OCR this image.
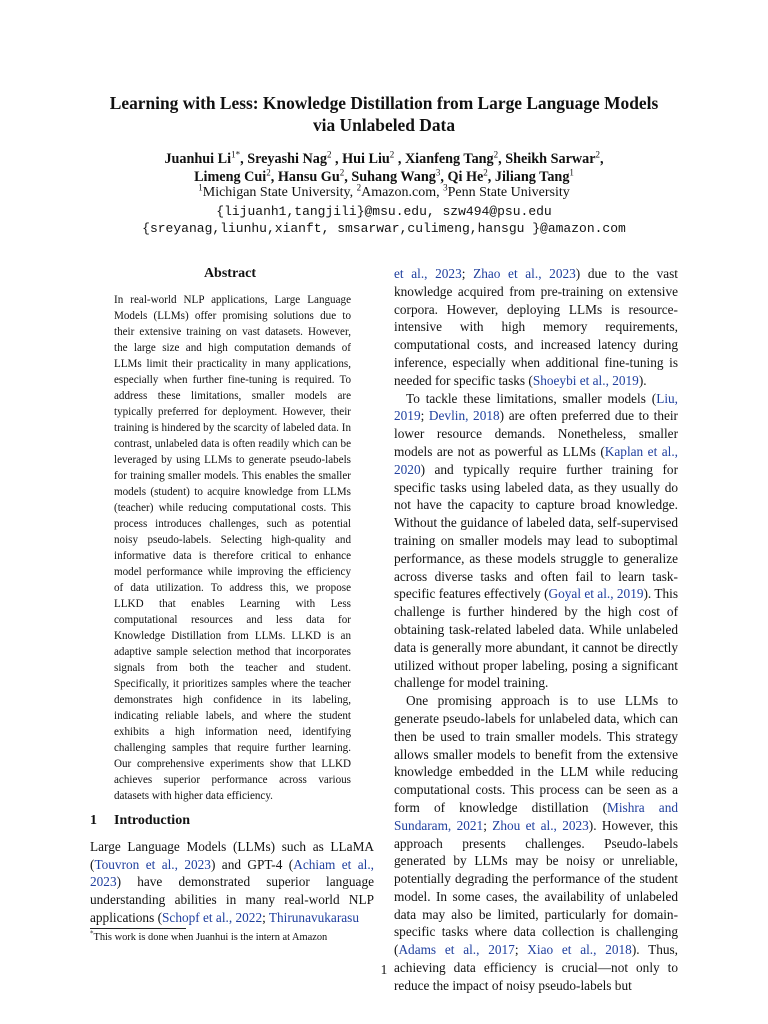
Learning with Less: Knowledge Distillation from Large Language Models
via Unlabeled Data
Juanhui $Li^{1*}$, Sreyashi Nag$^2$ , Hui Liu$^2$ , Xianfeng Tang$^2$, Sheikh Sarwar$^2$,
Limeng Cui$^2$, Hansu Gu$^2$, Suhang Wang$^3$, Qi He$^2$, Jiliang Tang$^1$
$^1$Michigan State University, $^2$Amazon.com, $^3$Penn State University
{lijuanh1,tangjili}@msu.edu, szw494@psu.edu
{sreyanag,liunhu,xianft, smsarwar,culimeng,hansgu }@amazon.com
Abstract

In real-world NLP applications, Large Language Models (LLMs) offer promising solutions due to their extensive training on vast datasets. However, the large size and high computation demands of LLMs limit their practicality in many applications, especially when further fine-tuning is required. To address these limitations, smaller models are typically preferred for deployment. However, their training is hindered by the scarcity of labeled data. In contrast, unlabeled data is often readily which can be leveraged by using LLMs to generate pseudo-labels for training smaller models. This enables the smaller models (student) to acquire knowledge from LLMs (teacher) while reducing computational costs. This process introduces challenges, such as potential noisy pseudo-labels. Selecting high-quality and informative data is therefore critical to enhance model performance while improving the efficiency of data utilization. To address this, we propose LLKD that enables Learning with Less computational resources and less data for Knowledge Distillation from LLMs. LLKD is an adaptive sample selection method that incorporates signals from both the teacher and student. Specifically, it prioritizes samples where the teacher demonstrates high confidence in its labeling, indicating reliable labels, and where the student exhibits a high information need, identifying challenging samples that require further learning. Our comprehensive experiments show that LLKD achieves superior performance across various datasets with higher data efficiency.

1 Introduction

Large Language Models (LLMs) such as LLaMA (Touvron et al., 2023) and GPT-4 (Achiam et al., 2023) have demonstrated superior language understanding abilities in many real-world NLP applications (Schopf et al., 2022; Thirunavukarasu

*This work is done when Juanhui is the intern at Amazon

et al., 2023; Zhao et al., 2023) due to the vast knowledge acquired from pre-training on extensive corpora. However, deploying LLMs is resource-intensive with high memory requirements, computational costs, and increased latency during inference, especially when additional fine-tuning is needed for specific tasks (Shoeybi et al., 2019).

To tackle these limitations, smaller models (Liu, 2019; Devlin, 2018) are often preferred due to their lower resource demands. Nonetheless, smaller models are not as powerful as LLMs (Kaplan et al., 2020) and typically require further training for specific tasks using labeled data, as they usually do not have the capacity to capture broad knowledge. Without the guidance of labeled data, self-supervised training on smaller models may lead to suboptimal performance, as these models struggle to generalize across diverse tasks and often fail to learn task-specific features effectively (Goyal et al., 2019). This challenge is further hindered by the high cost of obtaining task-related labeled data. While unlabeled data is generally more abundant, it cannot be directly utilized without proper labeling, posing a significant challenge for model training.

One promising approach is to use LLMs to generate pseudo-labels for unlabeled data, which can then be used to train smaller models. This strategy allows smaller models to benefit from the extensive knowledge embedded in the LLM while reducing computational costs. This process can be seen as a form of knowledge distillation (Mishra and Sundaram, 2021; Zhou et al., 2023). However, this approach presents challenges. Pseudo-labels generated by LLMs may be noisy or unreliable, potentially degrading the performance of the student model. In some cases, the availability of unlabeled data may also be limited, particularly for domain-specific tasks where data collection is challenging (Adams et al., 2017; Xiao et al., 2018). Thus, achieving data efficiency is crucial—not only to reduce the impact of noisy pseudo-labels but

1
